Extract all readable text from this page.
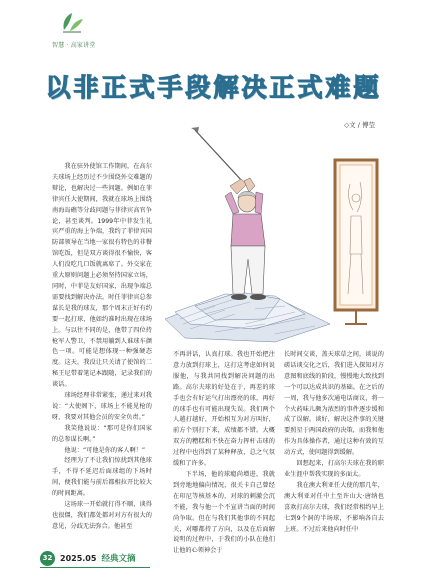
智慧 · 高家讲堂
以非正式手段解决正式难题
◇文 / 傅莹

我在驻外使馆工作期间，在高尔夫球场上经历过不少围绕外交难题的辩论，也解决过一些问题。例如在菲律宾任大使期间，我就在球场上围绕南海岛礁等分歧问题与菲律宾高官争论，甚至谈判。1999年中菲发生礼宾严重的海上争端，我约了菲律宾国防部领导在当地一家很有特色的非餐馆吃饭，但是双方谈得很不愉快，客人们没吃几口饭就离席了。外交家在重大原则问题上必须坚持国家立场，同时，中菲是友好国家，出现争端总需要找到解决办法。时任菲律宾总参谋长是我的球友，那个周末正好有约要一起打球，他如约准时出现在球场上。与以往不同的是，他带了四位持枪军人警卫，不禁用躺到人谁球车颜色一项。可能是想体现一种强硬态度。这天，我没让只关请了使馆的二秘王尼带着笔记本跟随，记录我们的谈话。

球场经理非常紧张，递过来对我说：“大使阁下，球场上不能见枪的呀，我要对其他会员的安全负责。”

我笑他说说：“那可是你们国家的总参谋长啊。”

他说：“可他是你的客人啊！”

经理为了不让我们惊扰到其他球手，不得不延迟后面球组的下场时间，便我们能与前后都相拉开比较大的时间距离。

这场球一开始就打得不顺，谈得也很僵，我们都处都对对方有很大的意见，分歧无法弥合。他甚至

不再讲话，认真打球。我也开始把注意力放到打球上，这打这考虑如何说服他，与我共同找到解决问题的出路。高尔夫球的好处在于，再差的球手也会有好运气打出漂亮的球，再好的球手也有可能出现失误。我们两个人越打越好，开始相互为对方叫好，前方个别打下来，成绩都不错。大概双方的糟糕和不快在奋力挥杆击球的过程中也得到了某种释放，总之气氛缓和了许多。

下半场，他的球瘾尚增进，我就到旁地地偏向情况，很关卡自己曾经在印尼等核基本的，对球的刺激会沉不能，我与他一个不宣讲当面的时间尚争取。但在与我们其他事的不同起关，对哪都持了方向，以及在后面解说明的过程中，于我们的小队在他们让他的心领神会于

长时间交谈，盖天球草之间，谈说的磋话谈交化之后，我们进入探知对方意图和底线的阶段，慢慢地大致找到一个可以达成共识的基础。在之后的一周，我与他多次通电话商议，将一个火药味儿颇为浓烈的事件逐步缓和成了误解。谈好，解决这件事的关键要照星于两国政府的决策，而我和他作为具体操作者，通过这种有效的互动方式，使问题得到缓解。

回想起来，打高尔夫球在我的职业生涯中帮我实现的多面太。

我在澳大利亚任大使的那几年，澳大利亚对任中土至许山大·唐纳也喜欢打高尔夫球，我们经常相约早上七到9个洞的半场球，不影响各自去上班。不过后来他向时任中

32 2025.05 经典文摘
